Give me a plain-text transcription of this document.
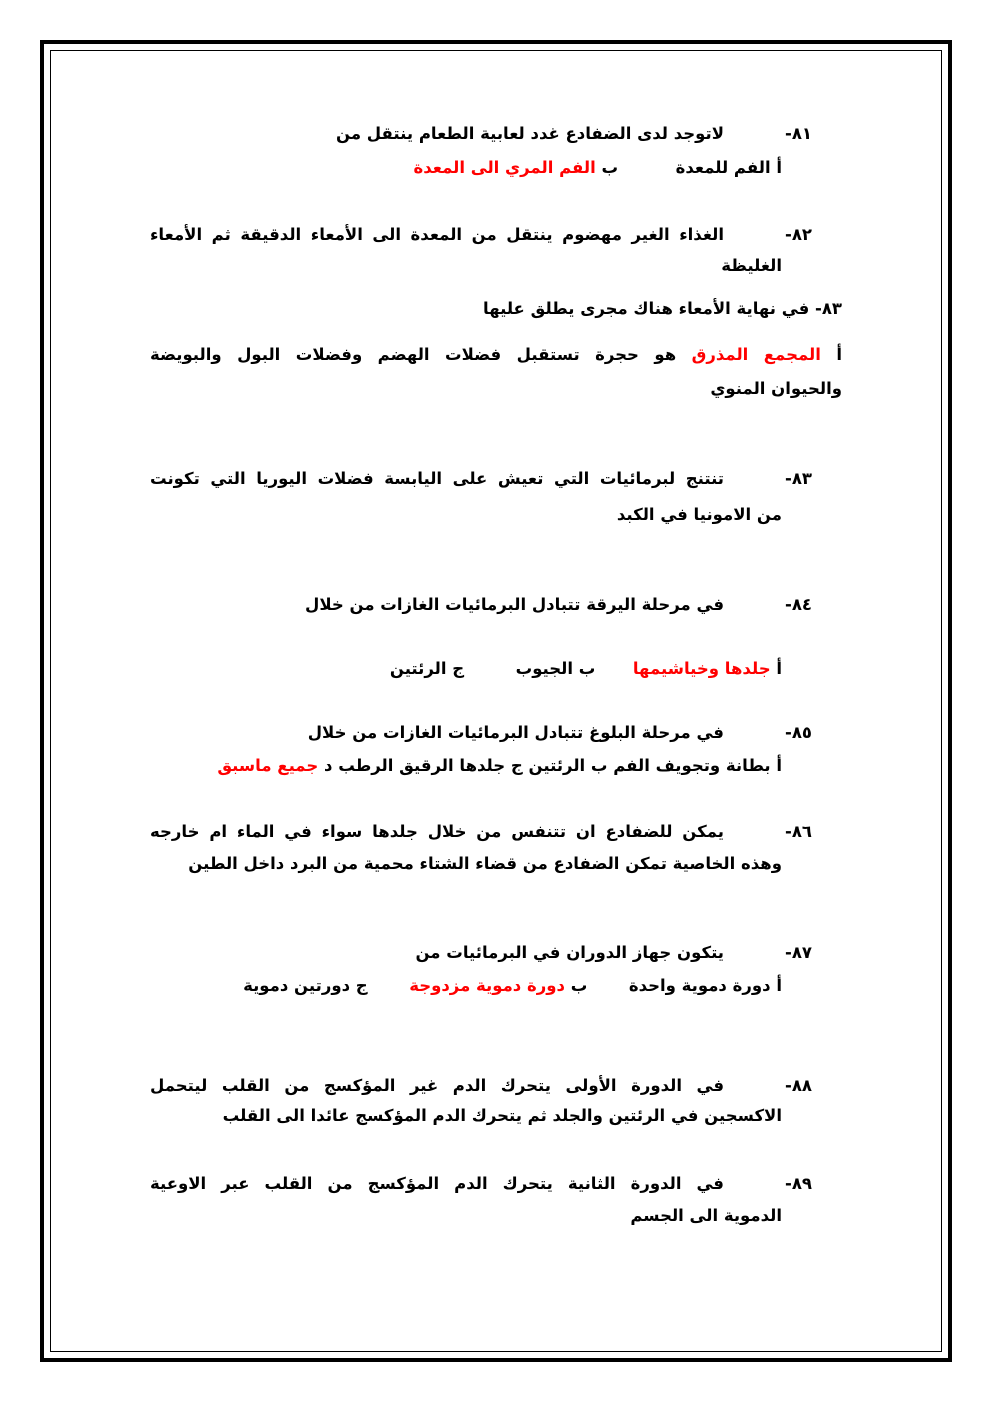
٨١-
لاتوجد لدى الضفادع غدد لعابية الطعام ينتقل من
أ الفم للمعدة  ب الفم المري الى المعدة
٨٢-
الغذاء الغير مهضوم ينتقل من المعدة الى الأمعاء الدقيقة ثم الأمعاء
الغليظة
٨٣- في نهاية الأمعاء هناك مجرى يطلق عليها
أ المجمع المذرق هو حجرة تستقبل فضلات الهضم وفضلات البول والبويضة
والحيوان المنوي
٨٣-
تنتنج لبرمائيات التي تعيش على اليابسة فضلات اليوريا التي تكونت
من الامونيا في الكبد
٨٤-
في مرحلة اليرقة تتبادل البرمائيات الغازات من خلال
أ جلدها وخياشيمها  ب الجيوب  ج الرئتين
٨٥-
في مرحلة البلوغ تتبادل البرمائيات الغازات من خلال
أ بطانة وتجويف الفم ب الرئتين ج جلدها الرقيق الرطب د جميع ماسبق
٨٦-
يمكن للضفادع ان تتنفس من خلال جلدها سواء في الماء ام خارجه
وهذه الخاصية تمكن الضفادع من قضاء الشتاء محمية من البرد داخل الطين
٨٧-
يتكون جهاز الدوران في البرمائيات من
أ دورة دموية واحدة  ب دورة دموية مزدوجة  ج دورتين دموية
٨٨-
في الدورة الأولى يتحرك الدم غير المؤكسج من القلب ليتحمل
الاكسجين في الرئتين والجلد ثم يتحرك الدم المؤكسج عائدا الى القلب
٨٩-
في الدورة الثانية يتحرك الدم المؤكسج من القلب عبر الاوعية
الدموية الى الجسم
